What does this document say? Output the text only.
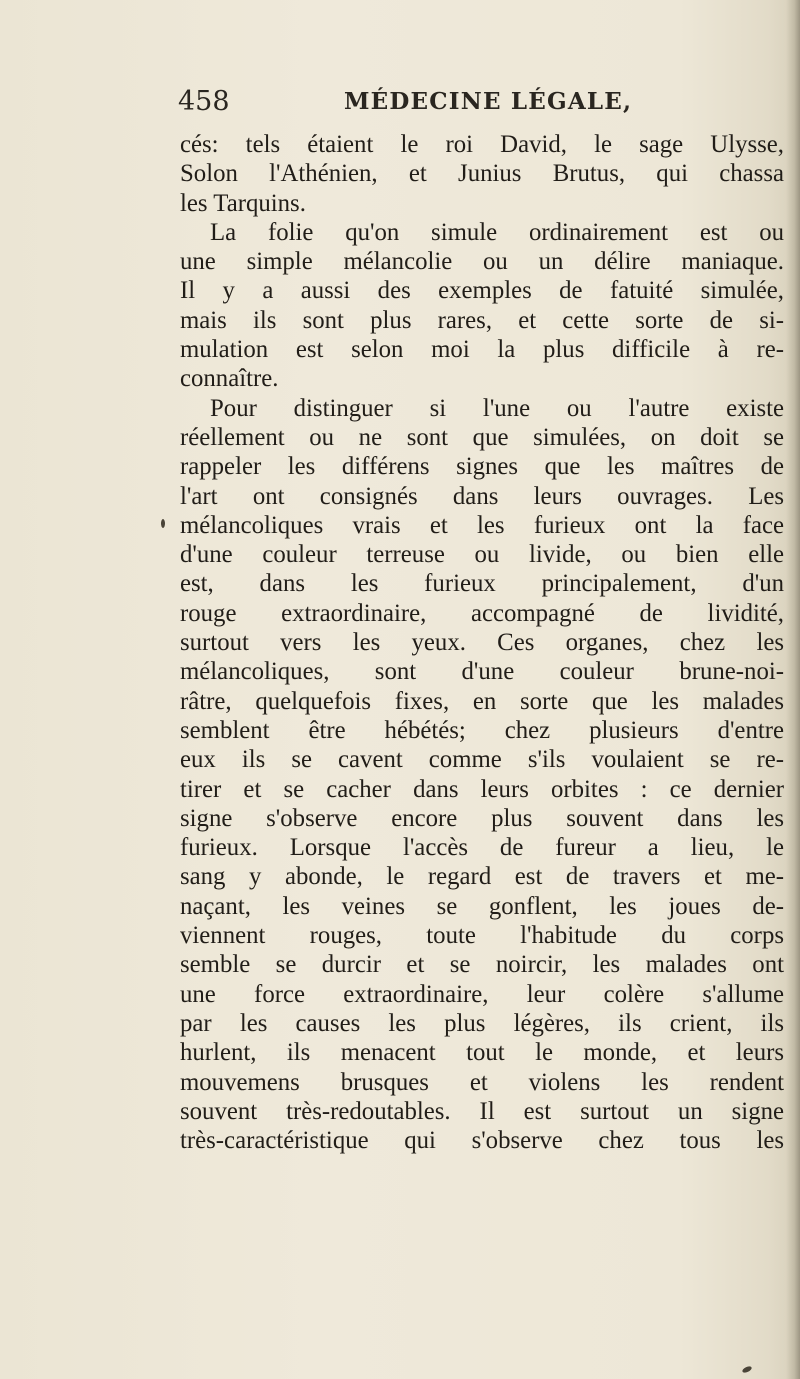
458	MÉDECINE LÉGALE,
cés: tels étaient le roi David, le sage Ulysse,
Solon l'Athénien, et Junius Brutus, qui chassa
les Tarquins.
La folie qu'on simule ordinairement est ou
une simple mélancolie ou un délire maniaque.
Il y a aussi des exemples de fatuité simulée,
mais ils sont plus rares, et cette sorte de si-
mulation est selon moi la plus difficile à re-
connaître.
Pour distinguer si l'une ou l'autre existe
réellement ou ne sont que simulées, on doit se
rappeler les différens signes que les maîtres de
l'art ont consignés dans leurs ouvrages. Les
mélancoliques vrais et les furieux ont la face
d'une couleur terreuse ou livide, ou bien elle
est, dans les furieux principalement, d'un
rouge extraordinaire, accompagné de lividité,
surtout vers les yeux. Ces organes, chez les
mélancoliques, sont d'une couleur brune-noi-
râtre, quelquefois fixes, en sorte que les malades
semblent être hébétés; chez plusieurs d'entre
eux ils se cavent comme s'ils voulaient se re-
tirer et se cacher dans leurs orbites : ce dernier
signe s'observe encore plus souvent dans les
furieux. Lorsque l'accès de fureur a lieu, le
sang y abonde, le regard est de travers et me-
naçant, les veines se gonflent, les joues de-
viennent rouges, toute l'habitude du corps
semble se durcir et se noircir, les malades ont
une force extraordinaire, leur colère s'allume
par les causes les plus légères, ils crient, ils
hurlent, ils menacent tout le monde, et leurs
mouvemens brusques et violens les rendent
souvent très-redoutables. Il est surtout un signe
très-caractéristique qui s'observe chez tous les
